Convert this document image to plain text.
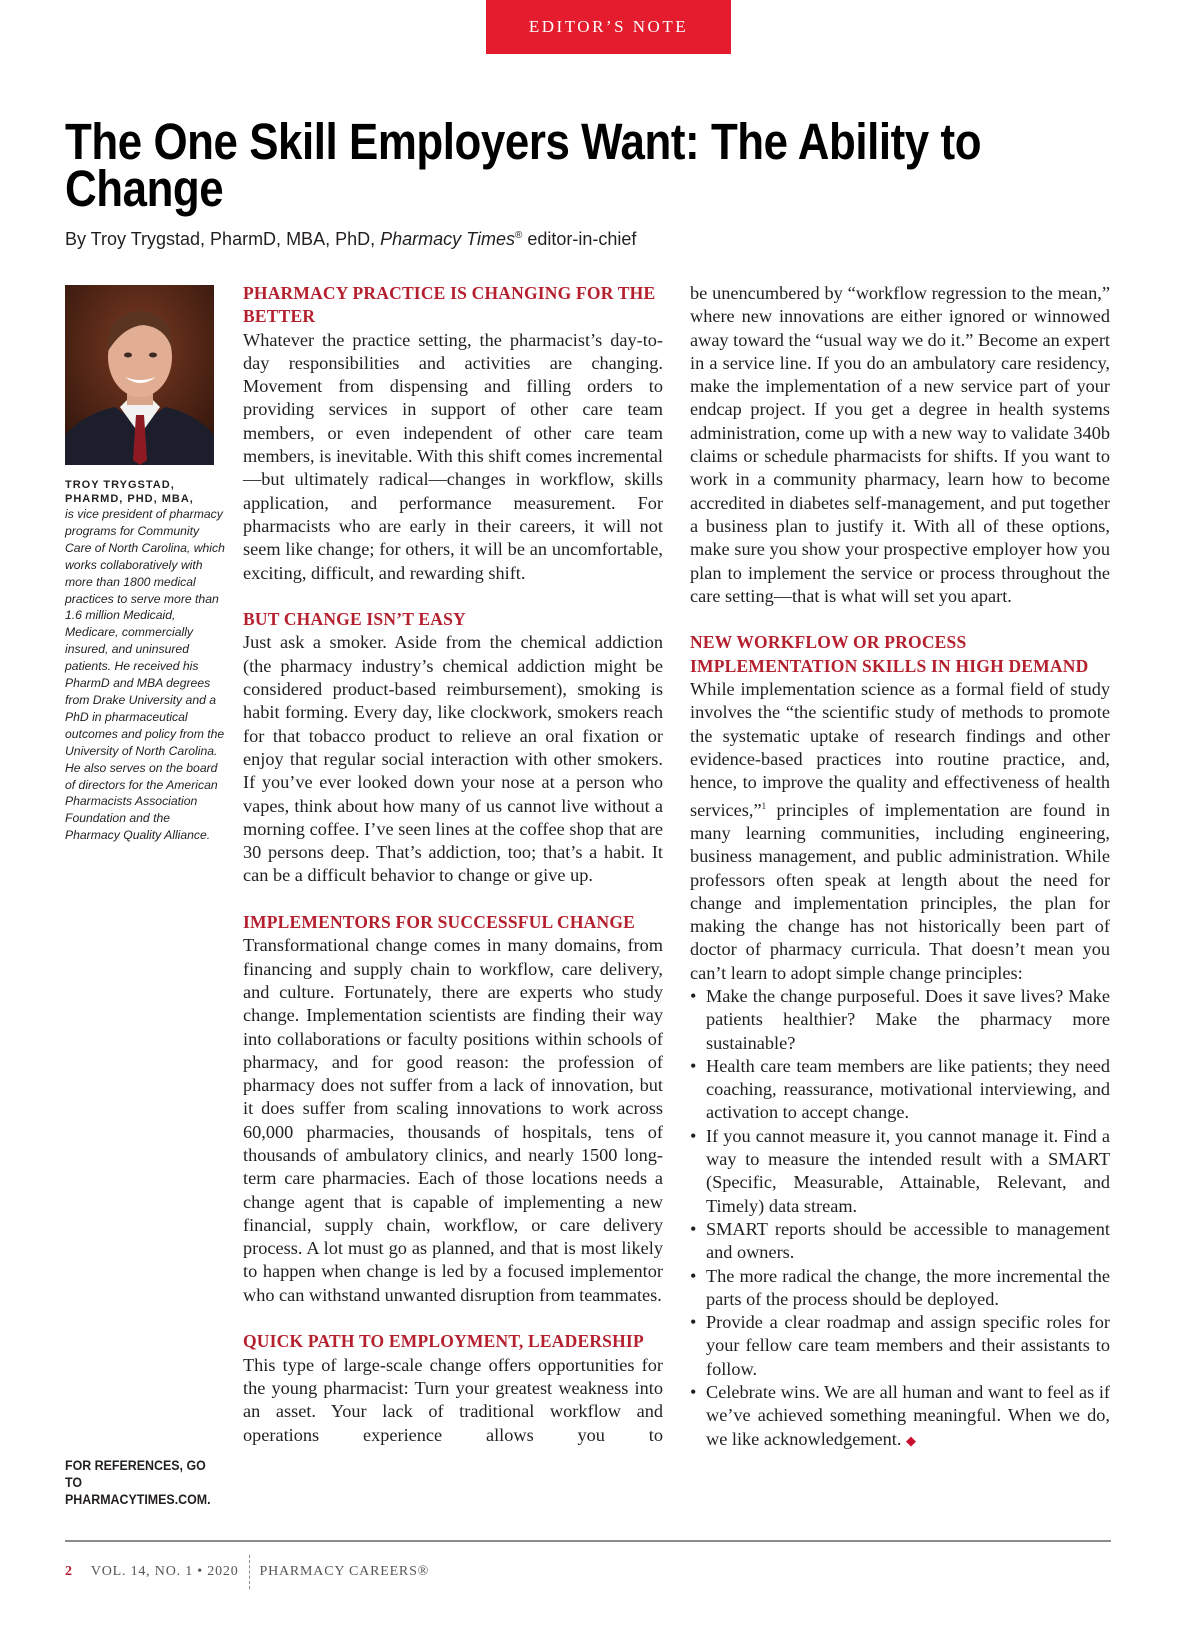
EDITOR’S NOTE
The One Skill Employers Want: The Ability to Change
By Troy Trygstad, PharmD, MBA, PhD, Pharmacy Times® editor-in-chief
TROY TRYGSTAD, PHARMD, PHD, MBA,
is vice president of pharmacy programs for Community Care of North Carolina, which works collaboratively with more than 1800 medical practices to serve more than 1.6 million Medicaid, Medicare, commercially insured, and uninsured patients. He received his PharmD and MBA degrees from Drake University and a PhD in pharmaceutical outcomes and policy from the University of North Carolina. He also serves on the board of directors for the American Pharmacists Association Foundation and the Pharmacy Quality Alliance.
FOR REFERENCES, GO TO
PHARMACYTIMES.COM.
PHARMACY PRACTICE IS CHANGING FOR THE BETTER

Whatever the practice setting, the pharmacist’s day-to-day responsibilities and activities are changing. Movement from dispensing and filling orders to providing services in support of other care team members, or even independent of other care team members, is inevitable. With this shift comes incremental—but ultimately radical—changes in workflow, skills application, and performance measurement. For pharmacists who are early in their careers, it will not seem like change; for others, it will be an uncomfortable, exciting, difficult, and rewarding shift.

BUT CHANGE ISN’T EASY

Just ask a smoker. Aside from the chemical addiction (the pharmacy industry’s chemical addiction might be considered product-based reimbursement), smoking is habit forming. Every day, like clockwork, smokers reach for that tobacco product to relieve an oral fixation or enjoy that regular social interaction with other smokers. If you’ve ever looked down your nose at a person who vapes, think about how many of us cannot live without a morning coffee. I’ve seen lines at the coffee shop that are 30 persons deep. That’s addiction, too; that’s a habit. It can be a difficult behavior to change or give up.

IMPLEMENTORS FOR SUCCESSFUL CHANGE

Transformational change comes in many domains, from financing and supply chain to workflow, care delivery, and culture. Fortunately, there are experts who study change. Implementation scientists are finding their way into collaborations or faculty positions within schools of pharmacy, and for good reason: the profession of pharmacy does not suffer from a lack of innovation, but it does suffer from scaling innovations to work across 60,000 pharmacies, thousands of hospitals, tens of thousands of ambulatory clinics, and nearly 1500 long-term care pharmacies. Each of those locations needs a change agent that is capable of implementing a new financial, supply chain, workflow, or care delivery process. A lot must go as planned, and that is most likely to happen when change is led by a focused implementor who can withstand unwanted disruption from teammates.

QUICK PATH TO EMPLOYMENT, LEADERSHIP

This type of large-scale change offers opportunities for the young pharmacist: Turn your greatest weakness into an asset. Your lack of traditional workflow and operations experience allows you to

be unencumbered by “workflow regression to the mean,” where new innovations are either ignored or winnowed away toward the “usual way we do it.” Become an expert in a service line. If you do an ambulatory care residency, make the implementation of a new service part of your endcap project. If you get a degree in health systems administration, come up with a new way to validate 340b claims or schedule pharmacists for shifts. If you want to work in a community pharmacy, learn how to become accredited in diabetes self-management, and put together a business plan to justify it. With all of these options, make sure you show your prospective employer how you plan to implement the service or process throughout the care setting—that is what will set you apart.

NEW WORKFLOW OR PROCESS IMPLEMENTATION SKILLS IN HIGH DEMAND

While implementation science as a formal field of study involves the “the scientific study of methods to promote the systematic uptake of research findings and other evidence-based practices into routine practice, and, hence, to improve the quality and effectiveness of health services,”$^1$ principles of implementation are found in many learning communities, including engineering, business management, and public administration. While professors often speak at length about the need for change and implementation principles, the plan for making the change has not historically been part of doctor of pharmacy curricula. That doesn’t mean you can’t learn to adopt simple change principles:

• Make the change purposeful. Does it save lives? Make patients healthier? Make the pharmacy more sustainable?
• Health care team members are like patients; they need coaching, reassurance, motivational interviewing, and activation to accept change.
• If you cannot measure it, you cannot manage it. Find a way to measure the intended result with a SMART (Specific, Measurable, Attainable, Relevant, and Timely) data stream.
• SMART reports should be accessible to management and owners.
• The more radical the change, the more incremental the parts of the process should be deployed.
• Provide a clear roadmap and assign specific roles for your fellow care team members and their assistants to follow.
• Celebrate wins. We are all human and want to feel as if we’ve achieved something meaningful. When we do, we like acknowledgement. ◆
2 VOL. 14, NO. 1 • 2020 PHARMACY CAREERS®
